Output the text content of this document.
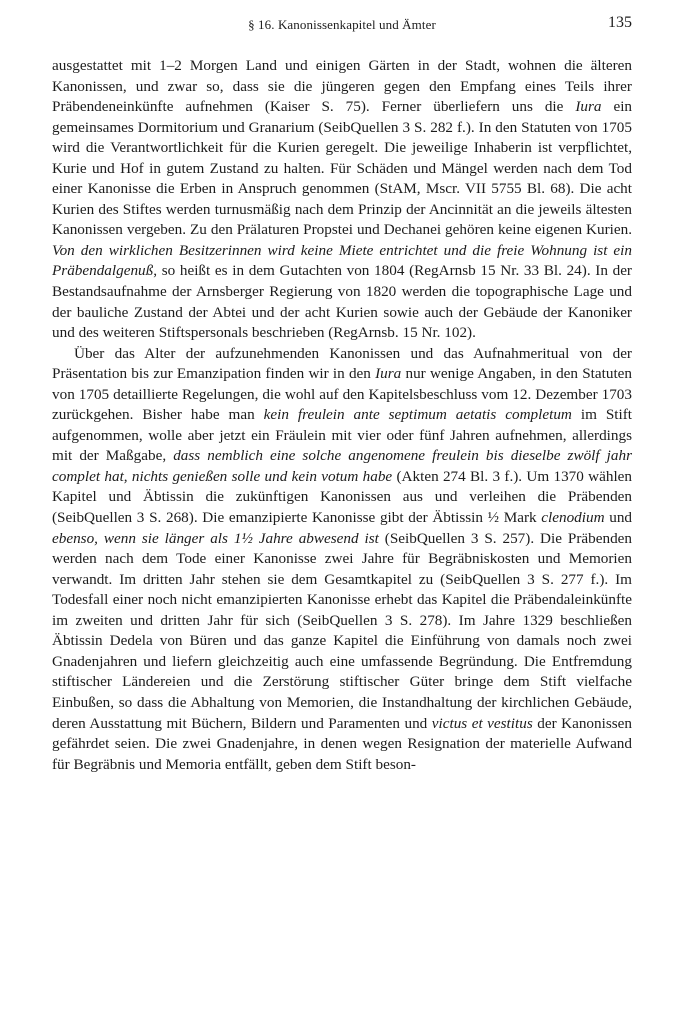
§ 16. Kanonissenkapitel und Ämter	135

ausgestattet mit 1–2 Morgen Land und einigen Gärten in der Stadt, wohnen die älteren Kanonissen, und zwar so, dass sie die jüngeren gegen den Empfang eines Teils ihrer Präbendeneinkünfte aufnehmen (Kaiser S. 75). Ferner überliefern uns die Iura ein gemeinsames Dormitorium und Granarium (SeibQuellen 3 S. 282 f.). In den Statuten von 1705 wird die Verantwortlichkeit für die Kurien geregelt. Die jeweilige Inhaberin ist verpflichtet, Kurie und Hof in gutem Zustand zu halten. Für Schäden und Mängel werden nach dem Tod einer Kanonisse die Erben in Anspruch genommen (StAM, Mscr. VII 5755 Bl. 68). Die acht Kurien des Stiftes werden turnusmäßig nach dem Prinzip der Ancinnität an die jeweils ältesten Kanonissen vergeben. Zu den Prälaturen Propstei und Dechanei gehören keine eigenen Kurien. Von den wirklichen Besitzerinnen wird keine Miete entrichtet und die freie Wohnung ist ein Präbendalgenuß, so heißt es in dem Gutachten von 1804 (RegArnsb 15 Nr. 33 Bl. 24). In der Bestandsaufnahme der Arnsberger Regierung von 1820 werden die topographische Lage und der bauliche Zustand der Abtei und der acht Kurien sowie auch der Gebäude der Kanoniker und des weiteren Stiftspersonals beschrieben (RegArnsb. 15 Nr. 102).

Über das Alter der aufzunehmenden Kanonissen und das Aufnahmeritual von der Präsentation bis zur Emanzipation finden wir in den Iura nur wenige Angaben, in den Statuten von 1705 detaillierte Regelungen, die wohl auf den Kapitelsbeschluss vom 12. Dezember 1703 zurückgehen. Bisher habe man kein freulein ante septimum aetatis completum im Stift aufgenommen, wolle aber jetzt ein Fräulein mit vier oder fünf Jahren aufnehmen, allerdings mit der Maßgabe, dass nemblich eine solche angenomene freulein bis dieselbe zwölf jahr complet hat, nichts genießen solle und kein votum habe (Akten 274 Bl. 3 f.). Um 1370 wählen Kapitel und Äbtissin die zukünftigen Kanonissen aus und verleihen die Präbenden (SeibQuellen 3 S. 268). Die emanzipierte Kanonisse gibt der Äbtissin ½ Mark clenodium und ebenso, wenn sie länger als 1½ Jahre abwesend ist (SeibQuellen 3 S. 257). Die Präbenden werden nach dem Tode einer Kanonisse zwei Jahre für Begräbniskosten und Memorien verwandt. Im dritten Jahr stehen sie dem Gesamtkapitel zu (SeibQuellen 3 S. 277 f.). Im Todesfall einer noch nicht emanzipierten Kanonisse erhebt das Kapitel die Präbendaleinkünfte im zweiten und dritten Jahr für sich (SeibQuellen 3 S. 278). Im Jahre 1329 beschließen Äbtissin Dedela von Büren und das ganze Kapitel die Einführung von damals noch zwei Gnadenjahren und liefern gleichzeitig auch eine umfassende Begründung. Die Entfremdung stiftischer Ländereien und die Zerstörung stiftischer Güter bringe dem Stift vielfache Einbußen, so dass die Abhaltung von Memorien, die Instandhaltung der kirchlichen Gebäude, deren Ausstattung mit Büchern, Bildern und Paramenten und victus et vestitus der Kanonissen gefährdet seien. Die zwei Gnadenjahre, in denen wegen Resignation der materielle Aufwand für Begräbnis und Memoria entfällt, geben dem Stift beson-
